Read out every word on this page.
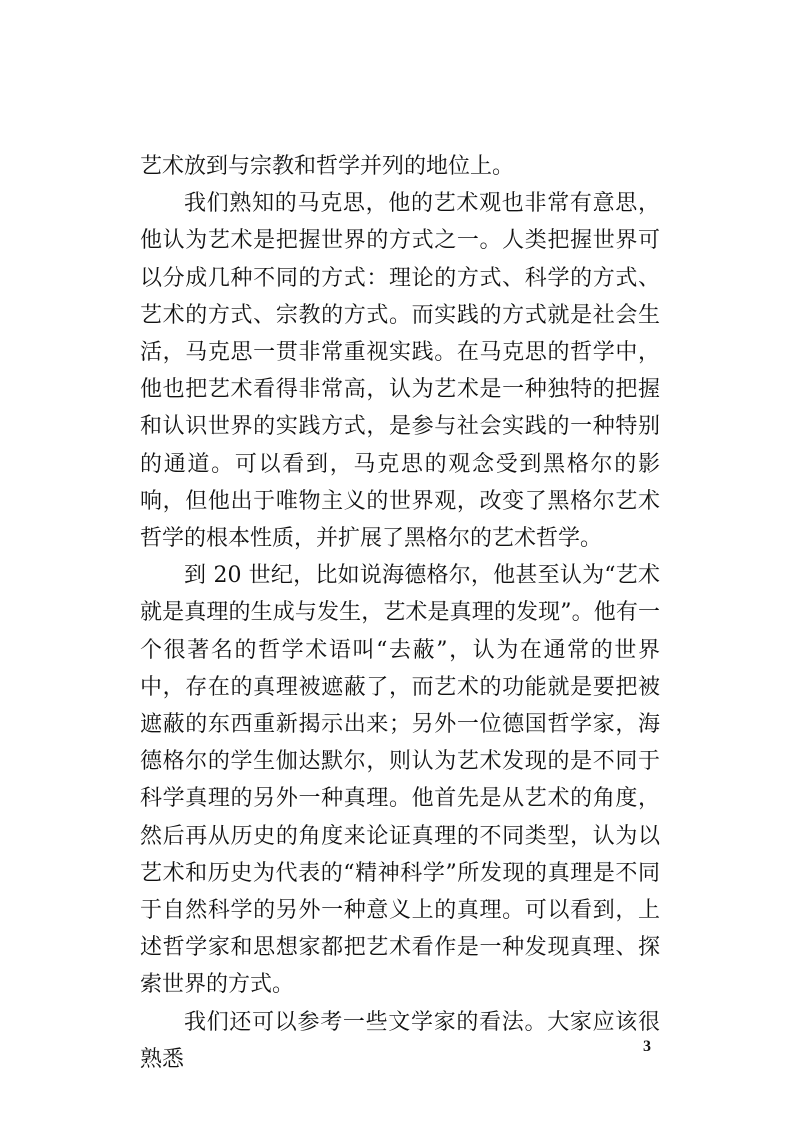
艺术放到与宗教和哲学并列的地位上。

我们熟知的马克思，他的艺术观也非常有意思，他认为艺术是把握世界的方式之一。人类把握世界可以分成几种不同的方式：理论的方式、科学的方式、艺术的方式、宗教的方式。而实践的方式就是社会生活，马克思一贯非常重视实践。在马克思的哲学中，他也把艺术看得非常高，认为艺术是一种独特的把握和认识世界的实践方式，是参与社会实践的一种特别的通道。可以看到，马克思的观念受到黑格尔的影响，但他出于唯物主义的世界观，改变了黑格尔艺术哲学的根本性质，并扩展了黑格尔的艺术哲学。

到 20 世纪，比如说海德格尔，他甚至认为“艺术就是真理的生成与发生，艺术是真理的发现”。他有一个很著名的哲学术语叫“去蔽”，认为在通常的世界中，存在的真理被遮蔽了，而艺术的功能就是要把被遮蔽的东西重新揭示出来；另外一位德国哲学家，海德格尔的学生伽达默尔，则认为艺术发现的是不同于科学真理的另外一种真理。他首先是从艺术的角度，然后再从历史的角度来论证真理的不同类型，认为以艺术和历史为代表的“精神科学”所发现的真理是不同于自然科学的另外一种意义上的真理。可以看到，上述哲学家和思想家都把艺术看作是一种发现真理、探索世界的方式。

我们还可以参考一些文学家的看法。大家应该很熟悉

3
